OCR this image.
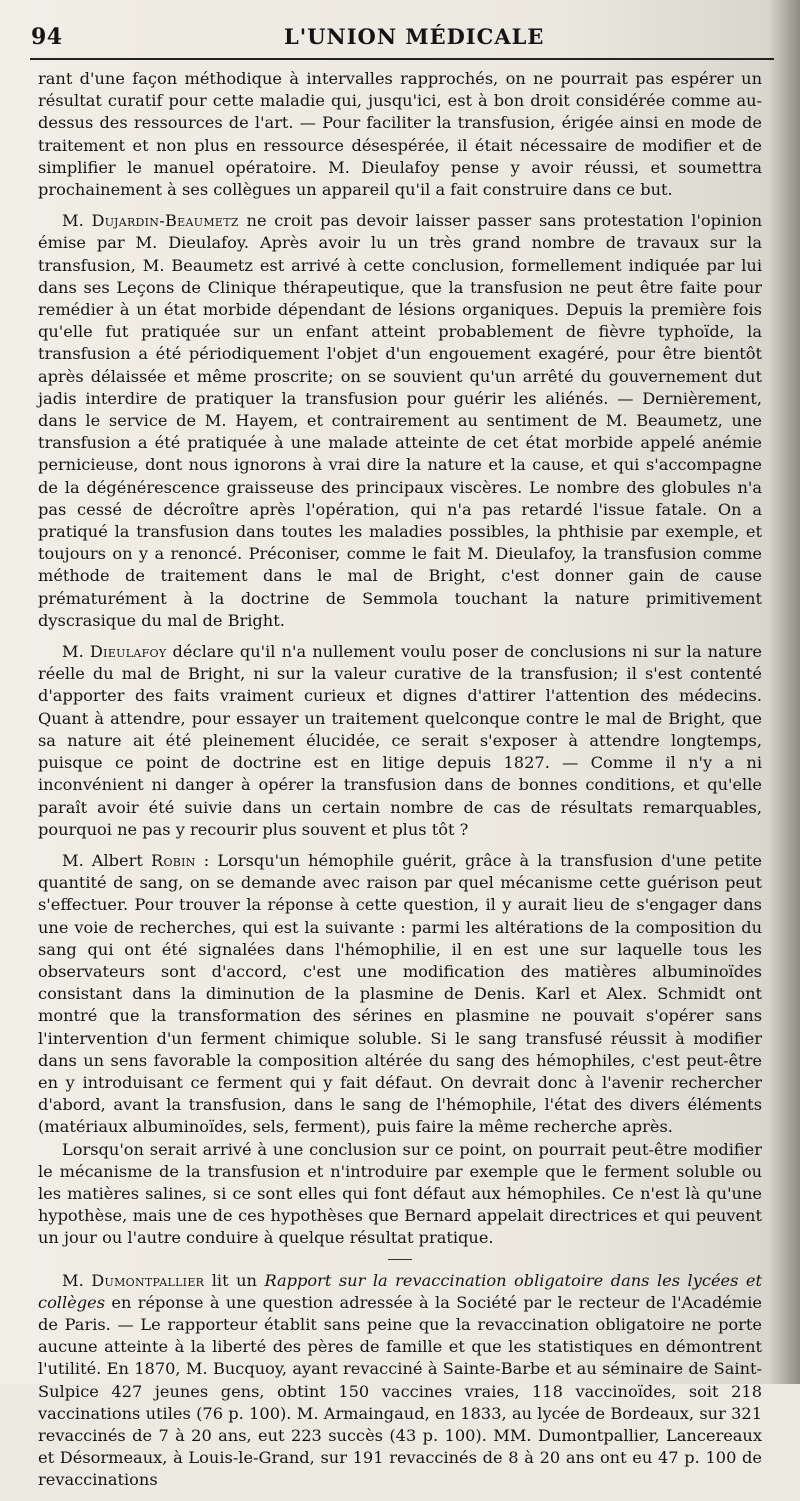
94	L'UNION MÉDICALE

rant d'une façon méthodique à intervalles rapprochés, on ne pourrait pas espérer un résultat curatif pour cette maladie qui, jusqu'ici, est à bon droit considérée comme au-dessus des ressources de l'art. — Pour faciliter la transfusion, érigée ainsi en mode de traitement et non plus en ressource désespérée, il était nécessaire de modifier et de simplifier le manuel opératoire. M. Dieulafoy pense y avoir réussi, et soumettra prochainement à ses collègues un appareil qu'il a fait construire dans ce but.

M. Dujardin-Beaumetz ne croit pas devoir laisser passer sans protestation l'opinion émise par M. Dieulafoy. Après avoir lu un très grand nombre de travaux sur la transfusion, M. Beaumetz est arrivé à cette conclusion, formellement indiquée par lui dans ses Leçons de Clinique thérapeutique, que la transfusion ne peut être faite pour remédier à un état morbide dépendant de lésions organiques. Depuis la première fois qu'elle fut pratiquée sur un enfant atteint probablement de fièvre typhoïde, la transfusion a été périodiquement l'objet d'un engouement exagéré, pour être bientôt après délaissée et même proscrite; on se souvient qu'un arrêté du gouvernement dut jadis interdire de pratiquer la transfusion pour guérir les aliénés. — Dernièrement, dans le service de M. Hayem, et contrairement au sentiment de M. Beaumetz, une transfusion a été pratiquée à une malade atteinte de cet état morbide appelé anémie pernicieuse, dont nous ignorons à vrai dire la nature et la cause, et qui s'accompagne de la dégénérescence graisseuse des principaux viscères. Le nombre des globules n'a pas cessé de décroître après l'opération, qui n'a pas retardé l'issue fatale. On a pratiqué la transfusion dans toutes les maladies possibles, la phthisie par exemple, et toujours on y a renoncé. Préconiser, comme le fait M. Dieulafoy, la transfusion comme méthode de traitement dans le mal de Bright, c'est donner gain de cause prématurément à la doctrine de Semmola touchant la nature primitivement dyscrasique du mal de Bright.

M. Dieulafoy déclare qu'il n'a nullement voulu poser de conclusions ni sur la nature réelle du mal de Bright, ni sur la valeur curative de la transfusion; il s'est contenté d'apporter des faits vraiment curieux et dignes d'attirer l'attention des médecins. Quant à attendre, pour essayer un traitement quelconque contre le mal de Bright, que sa nature ait été pleinement élucidée, ce serait s'exposer à attendre longtemps, puisque ce point de doctrine est en litige depuis 1827. — Comme il n'y a ni inconvénient ni danger à opérer la transfusion dans de bonnes conditions, et qu'elle paraît avoir été suivie dans un certain nombre de cas de résultats remarquables, pourquoi ne pas y recourir plus souvent et plus tôt ?

M. Albert Robin : Lorsqu'un hémophile guérit, grâce à la transfusion d'une petite quantité de sang, on se demande avec raison par quel mécanisme cette guérison peut s'effectuer. Pour trouver la réponse à cette question, il y aurait lieu de s'engager dans une voie de recherches, qui est la suivante : parmi les altérations de la composition du sang qui ont été signalées dans l'hémophilie, il en est une sur laquelle tous les observateurs sont d'accord, c'est une modification des matières albuminoïdes consistant dans la diminution de la plasmine de Denis. Karl et Alex. Schmidt ont montré que la transformation des sérines en plasmine ne pouvait s'opérer sans l'intervention d'un ferment chimique soluble. Si le sang transfusé réussit à modifier dans un sens favorable la composition altérée du sang des hémophiles, c'est peut-être en y introduisant ce ferment qui y fait défaut. On devrait donc à l'avenir rechercher d'abord, avant la transfusion, dans le sang de l'hémophile, l'état des divers éléments (matériaux albuminoïdes, sels, ferment), puis faire la même recherche après.

Lorsqu'on serait arrivé à une conclusion sur ce point, on pourrait peut-être modifier le mécanisme de la transfusion et n'introduire par exemple que le ferment soluble ou les matières salines, si ce sont elles qui font défaut aux hémophiles. Ce n'est là qu'une hypothèse, mais une de ces hypothèses que Bernard appelait directrices et qui peuvent un jour ou l'autre conduire à quelque résultat pratique.

M. Dumontpallier lit un Rapport sur la revaccination obligatoire dans les lycées et collèges en réponse à une question adressée à la Société par le recteur de l'Académie de Paris. — Le rapporteur établit sans peine que la revaccination obligatoire ne porte aucune atteinte à la liberté des pères de famille et que les statistiques en démontrent l'utilité. En 1870, M. Bucquoy, ayant revacciné à Sainte-Barbe et au séminaire de Saint-Sulpice 427 jeunes gens, obtint 150 vaccines vraies, 118 vaccinoïdes, soit 218 vaccinations utiles (76 p. 100). M. Armaingaud, en 1833, au lycée de Bordeaux, sur 321 revaccinés de 7 à 20 ans, eut 223 succès (43 p. 100). MM. Dumontpallier, Lancereaux et Désormeaux, à Louis-le-Grand, sur 191 revaccinés de 8 à 20 ans ont eu 47 p. 100 de revaccinations
